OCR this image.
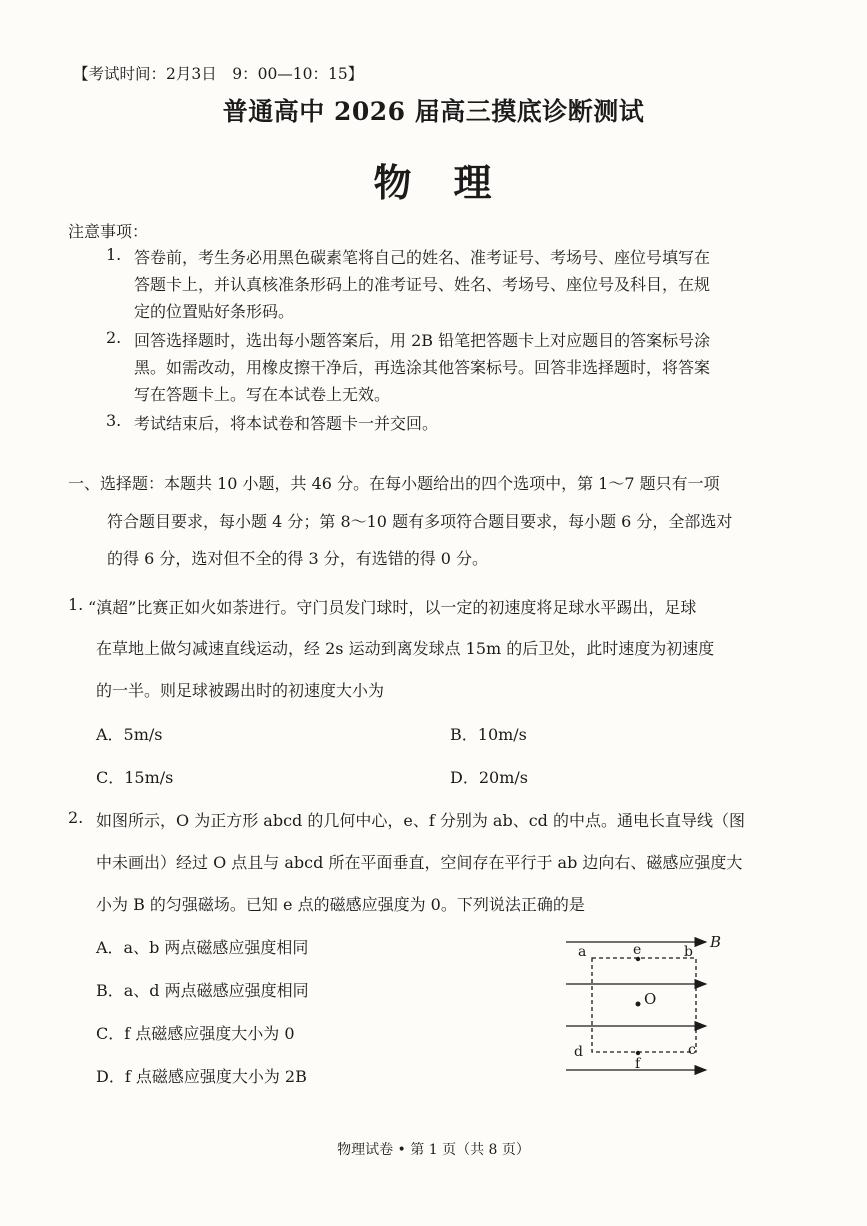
【考试时间：2月3日　9：00—10：15】
普通高中 2026 届高三摸底诊断测试
物　理
注意事项：
1. 答卷前，考生务必用黑色碳素笔将自己的姓名、准考证号、考场号、座位号填写在
答题卡上，并认真核准条形码上的准考证号、姓名、考场号、座位号及科目，在规
定的位置贴好条形码。
2. 回答选择题时，选出每小题答案后，用 2B 铅笔把答题卡上对应题目的答案标号涂
黑。如需改动，用橡皮擦干净后，再选涂其他答案标号。回答非选择题时，将答案
写在答题卡上。写在本试卷上无效。
3. 考试结束后，将本试卷和答题卡一并交回。
一、选择题：本题共 10 小题，共 46 分。在每小题给出的四个选项中，第 1～7 题只有一项
符合题目要求，每小题 4 分；第 8～10 题有多项符合题目要求，每小题 6 分，全部选对
的得 6 分，选对但不全的得 3 分，有选错的得 0 分。
1. “滇超”比赛正如火如荼进行。守门员发门球时，以一定的初速度将足球水平踢出，足球
在草地上做匀减速直线运动，经 2s 运动到离发球点 15m 的后卫处，此时速度为初速度
的一半。则足球被踢出时的初速度大小为
A．5m/s	B．10m/s
C．15m/s	D．20m/s
2. 如图所示，O 为正方形 abcd 的几何中心，e、f 分别为 ab、cd 的中点。通电长直导线（图
中未画出）经过 O 点且与 abcd 所在平面垂直，空间存在平行于 ab 边向右、磁感应强度大
小为 B 的匀强磁场。已知 e 点的磁感应强度为 0。下列说法正确的是
A．a、b 两点磁感应强度相同
B．a、d 两点磁感应强度相同
C．f 点磁感应强度大小为 0
D．f 点磁感应强度大小为 2B
B
a	e	b
O
d	c
f
物理试卷 • 第 1 页（共 8 页）
